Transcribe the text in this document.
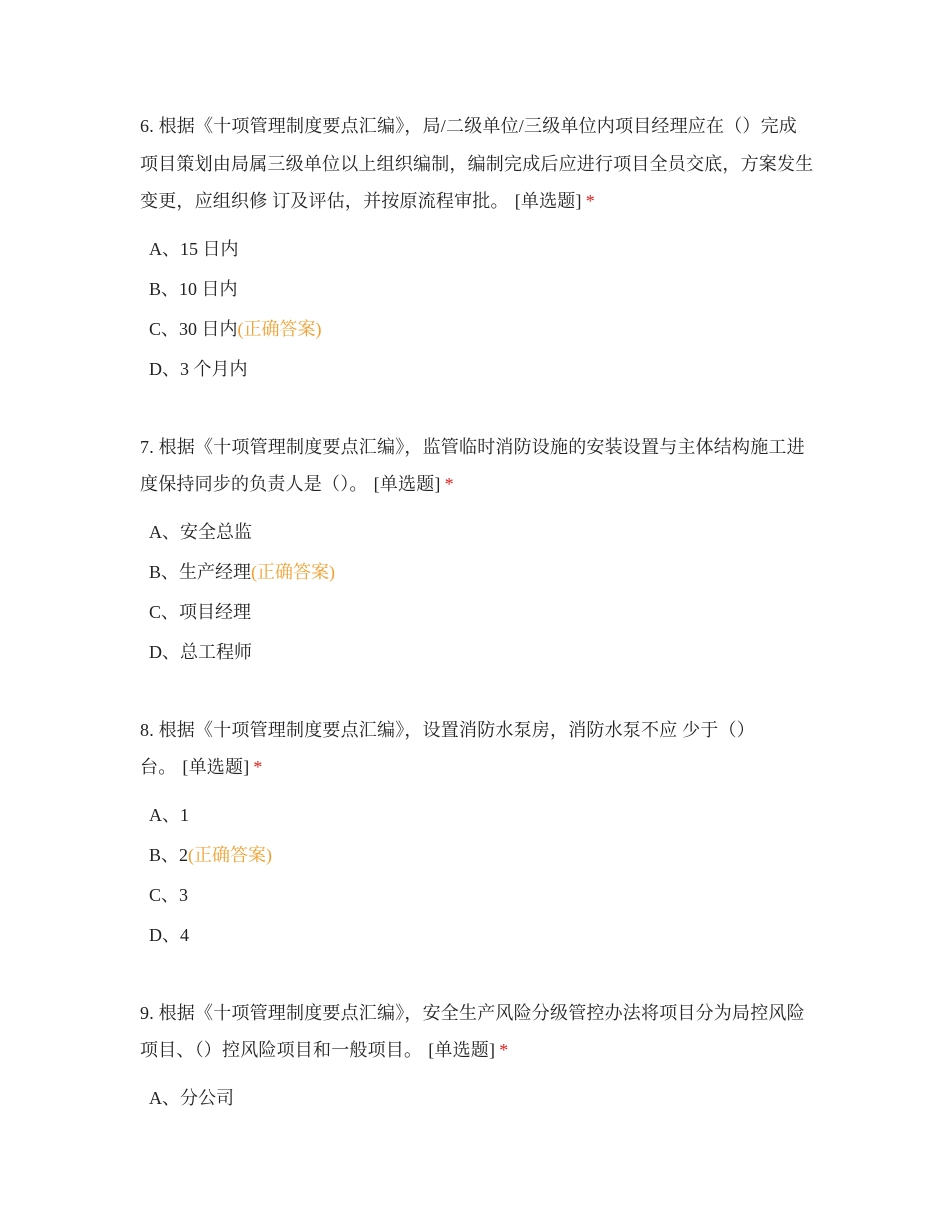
6. 根据《十项管理制度要点汇编》，局/二级单位/三级单位内项目经理应在（）完成项目策划由局属三级单位以上组织编制，编制完成后应进行项目全员交底，方案发生变更，应组织修 订及评估，并按原流程审批。 [单选题] *

A、15 日内
B、10 日内
C、30 日内(正确答案)
D、3 个月内

7. 根据《十项管理制度要点汇编》，监管临时消防设施的安装设置与主体结构施工进度保持同步的负责人是（）。 [单选题] *

A、安全总监
B、生产经理(正确答案)
C、项目经理
D、总工程师

8. 根据《十项管理制度要点汇编》，设置消防水泵房，消防水泵不应 少于（）台。 [单选题] *

A、1
B、2(正确答案)
C、3
D、4

9. 根据《十项管理制度要点汇编》，安全生产风险分级管控办法将项目分为局控风险项目、（）控风险项目和一般项目。 [单选题] *

A、分公司
